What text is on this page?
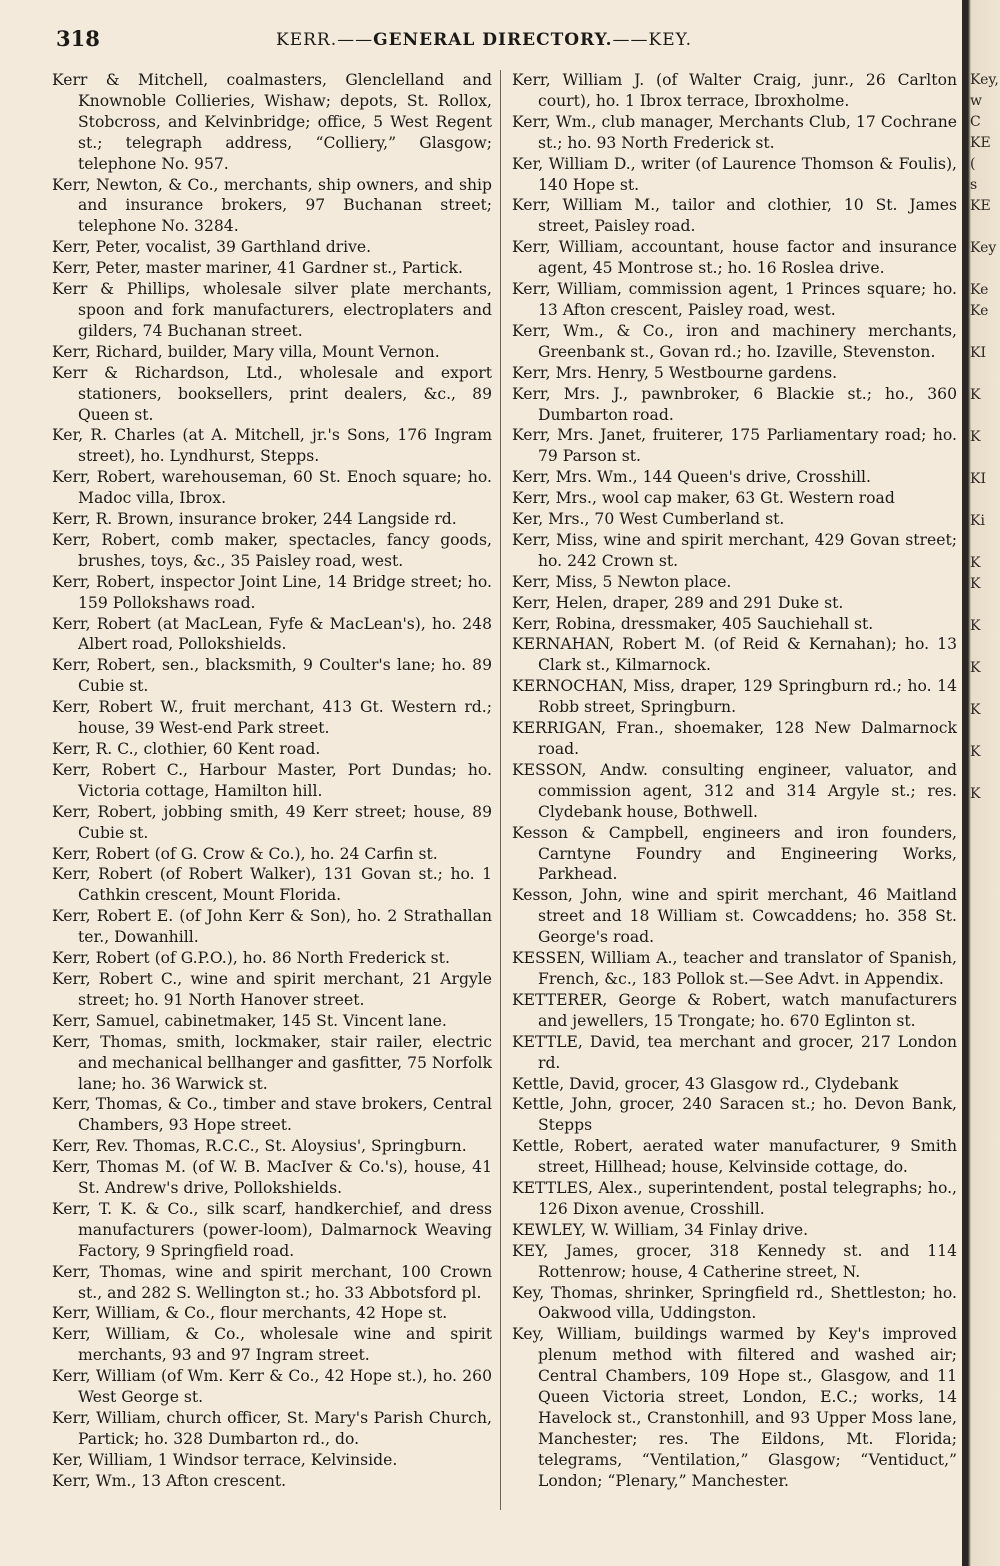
318	KERR.——GENERAL DIRECTORY.——KEY.

Kerr & Mitchell, coalmasters, Glenclelland and Knownoble Collieries, Wishaw; depots, St. Rollox, Stobcross, and Kelvinbridge; office, 5 West Regent st.; telegraph address, “Colliery,” Glasgow; telephone No. 957.

Kerr, Newton, & Co., merchants, ship owners, and ship and insurance brokers, 97 Buchanan street; telephone No. 3284.

Kerr, Peter, vocalist, 39 Garthland drive.

Kerr, Peter, master mariner, 41 Gardner st., Partick.

Kerr & Phillips, wholesale silver plate merchants, spoon and fork manufacturers, electroplaters and gilders, 74 Buchanan street.

Kerr, Richard, builder, Mary villa, Mount Vernon.

Kerr & Richardson, Ltd., wholesale and export stationers, booksellers, print dealers, &c., 89 Queen st.

Ker, R. Charles (at A. Mitchell, jr.'s Sons, 176 Ingram street), ho. Lyndhurst, Stepps.

Kerr, Robert, warehouseman, 60 St. Enoch square; ho. Madoc villa, Ibrox.

Kerr, R. Brown, insurance broker, 244 Langside rd.

Kerr, Robert, comb maker, spectacles, fancy goods, brushes, toys, &c., 35 Paisley road, west.

Kerr, Robert, inspector Joint Line, 14 Bridge street; ho. 159 Pollokshaws road.

Kerr, Robert (at MacLean, Fyfe & MacLean's), ho. 248 Albert road, Pollokshields.

Kerr, Robert, sen., blacksmith, 9 Coulter's lane; ho. 89 Cubie st.

Kerr, Robert W., fruit merchant, 413 Gt. Western rd.; house, 39 West-end Park street.

Kerr, R. C., clothier, 60 Kent road.

Kerr, Robert C., Harbour Master, Port Dundas; ho. Victoria cottage, Hamilton hill.

Kerr, Robert, jobbing smith, 49 Kerr street; house, 89 Cubie st.

Kerr, Robert (of G. Crow & Co.), ho. 24 Carfin st.

Kerr, Robert (of Robert Walker), 131 Govan st.; ho. 1 Cathkin crescent, Mount Florida.

Kerr, Robert E. (of John Kerr & Son), ho. 2 Strathallan ter., Dowanhill.

Kerr, Robert (of G.P.O.), ho. 86 North Frederick st.

Kerr, Robert C., wine and spirit merchant, 21 Argyle street; ho. 91 North Hanover street.

Kerr, Samuel, cabinetmaker, 145 St. Vincent lane.

Kerr, Thomas, smith, lockmaker, stair railer, electric and mechanical bellhanger and gasfitter, 75 Norfolk lane; ho. 36 Warwick st.

Kerr, Thomas, & Co., timber and stave brokers, Central Chambers, 93 Hope street.

Kerr, Rev. Thomas, R.C.C., St. Aloysius', Springburn.

Kerr, Thomas M. (of W. B. MacIver & Co.'s), house, 41 St. Andrew's drive, Pollokshields.

Kerr, T. K. & Co., silk scarf, handkerchief, and dress manufacturers (power-loom), Dalmarnock Weaving Factory, 9 Springfield road.

Kerr, Thomas, wine and spirit merchant, 100 Crown st., and 282 S. Wellington st.; ho. 33 Abbotsford pl.

Kerr, William, & Co., flour merchants, 42 Hope st.

Kerr, William, & Co., wholesale wine and spirit merchants, 93 and 97 Ingram street.

Kerr, William (of Wm. Kerr & Co., 42 Hope st.), ho. 260 West George st.

Kerr, William, church officer, St. Mary's Parish Church, Partick; ho. 328 Dumbarton rd., do.

Ker, William, 1 Windsor terrace, Kelvinside.

Kerr, Wm., 13 Afton crescent.

Kerr, William J. (of Walter Craig, junr., 26 Carlton court), ho. 1 Ibrox terrace, Ibroxholme.

Kerr, Wm., club manager, Merchants Club, 17 Cochrane st.; ho. 93 North Frederick st.

Ker, William D., writer (of Laurence Thomson & Foulis), 140 Hope st.

Kerr, William M., tailor and clothier, 10 St. James street, Paisley road.

Kerr, William, accountant, house factor and insurance agent, 45 Montrose st.; ho. 16 Roslea drive.

Kerr, William, commission agent, 1 Princes square; ho. 13 Afton crescent, Paisley road, west.

Kerr, Wm., & Co., iron and machinery merchants, Greenbank st., Govan rd.; ho. Izaville, Stevenston.

Kerr, Mrs. Henry, 5 Westbourne gardens.

Kerr, Mrs. J., pawnbroker, 6 Blackie st.; ho., 360 Dumbarton road.

Kerr, Mrs. Janet, fruiterer, 175 Parliamentary road; ho. 79 Parson st.

Kerr, Mrs. Wm., 144 Queen's drive, Crosshill.

Kerr, Mrs., wool cap maker, 63 Gt. Western road

Ker, Mrs., 70 West Cumberland st.

Kerr, Miss, wine and spirit merchant, 429 Govan street; ho. 242 Crown st.

Kerr, Miss, 5 Newton place.

Kerr, Helen, draper, 289 and 291 Duke st.

Kerr, Robina, dressmaker, 405 Sauchiehall st.

KERNAHAN, Robert M. (of Reid & Kernahan); ho. 13 Clark st., Kilmarnock.

KERNOCHAN, Miss, draper, 129 Springburn rd.; ho. 14 Robb street, Springburn.

KERRIGAN, Fran., shoemaker, 128 New Dalmarnock road.

KESSON, Andw. consulting engineer, valuator, and commission agent, 312 and 314 Argyle st.; res. Clydebank house, Bothwell.

Kesson & Campbell, engineers and iron founders, Carntyne Foundry and Engineering Works, Parkhead.

Kesson, John, wine and spirit merchant, 46 Maitland street and 18 William st. Cowcaddens; ho. 358 St. George's road.

KESSEN, William A., teacher and translator of Spanish, French, &c., 183 Pollok st.—See Advt. in Appendix.

KETTERER, George & Robert, watch manufacturers and jewellers, 15 Trongate; ho. 670 Eglinton st.

KETTLE, David, tea merchant and grocer, 217 London rd.

Kettle, David, grocer, 43 Glasgow rd., Clydebank

Kettle, John, grocer, 240 Saracen st.; ho. Devon Bank, Stepps

Kettle, Robert, aerated water manufacturer, 9 Smith street, Hillhead; house, Kelvinside cottage, do.

KETTLES, Alex., superintendent, postal telegraphs; ho., 126 Dixon avenue, Crosshill.

KEWLEY, W. William, 34 Finlay drive.

KEY, James, grocer, 318 Kennedy st. and 114 Rottenrow; house, 4 Catherine street, N.

Key, Thomas, shrinker, Springfield rd., Shettleston; ho. Oakwood villa, Uddingston.

Key, William, buildings warmed by Key's improved plenum method with filtered and washed air; Central Chambers, 109 Hope st., Glasgow, and 11 Queen Victoria street, London, E.C.; works, 14 Havelock st., Cranstonhill, and 93 Upper Moss lane, Manchester; res. The Eildons, Mt. Florida; telegrams, “Ventilation,” Glasgow; “Ventiduct,” London; “Plenary,” Manchester.

Key,
w
C
KE
(
s
KE
Key
Ke
Ke
KI
K
K
KI
Ki
K
K
K
K
K
K
K
